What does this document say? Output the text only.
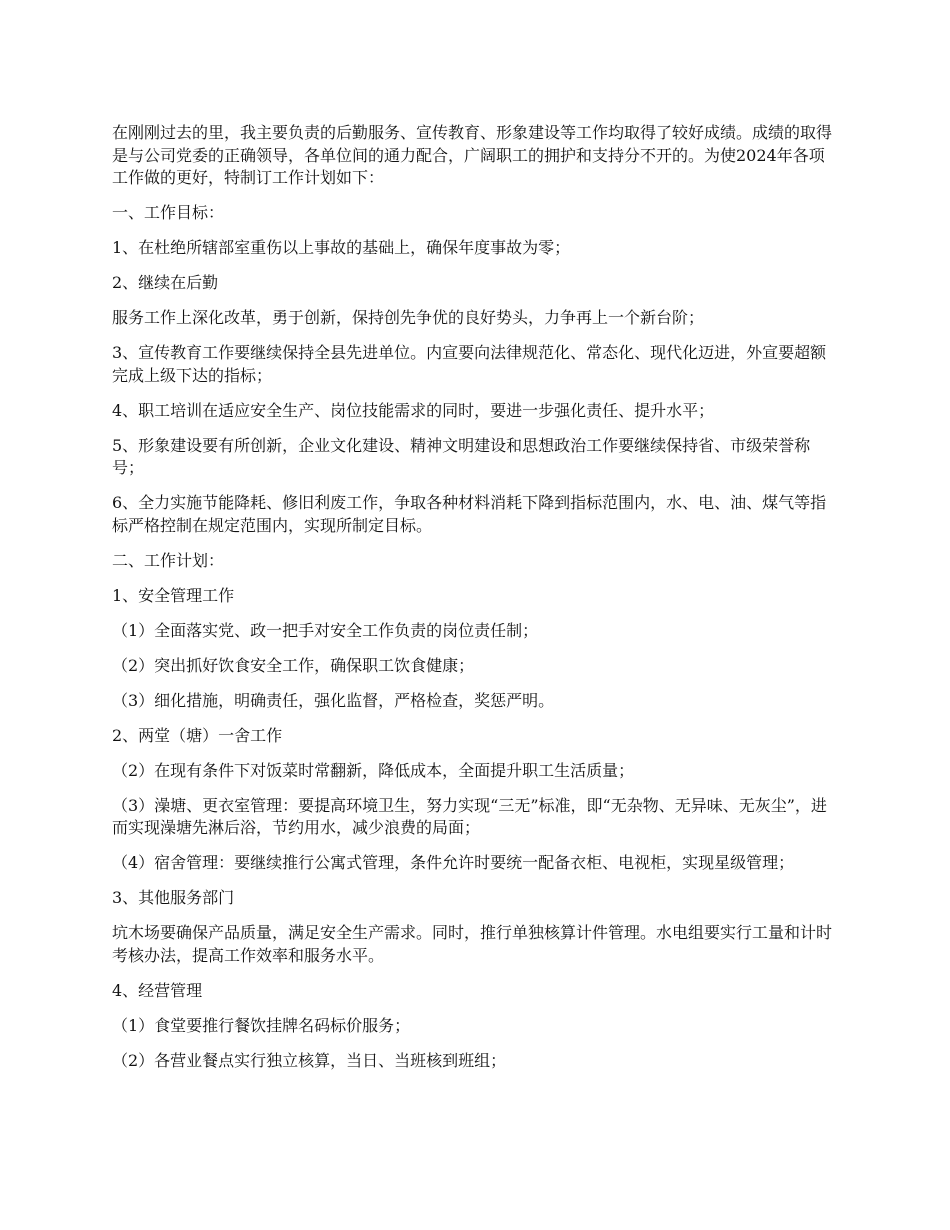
在刚刚过去的里，我主要负责的后勤服务、宣传教育、形象建设等工作均取得了较好成绩。成绩的取得是与公司党委的正确领导，各单位间的通力配合，广阔职工的拥护和支持分不开的。为使2024年各项工作做的更好，特制订工作计划如下：

一、工作目标：

1、在杜绝所辖部室重伤以上事故的基础上，确保年度事故为零；

2、继续在后勤

服务工作上深化改革，勇于创新，保持创先争优的良好势头，力争再上一个新台阶；

3、宣传教育工作要继续保持全县先进单位。内宣要向法律规范化、常态化、现代化迈进，外宣要超额完成上级下达的指标；

4、职工培训在适应安全生产、岗位技能需求的同时，要进一步强化责任、提升水平；

5、形象建设要有所创新，企业文化建设、精神文明建设和思想政治工作要继续保持省、市级荣誉称号；

6、全力实施节能降耗、修旧利废工作，争取各种材料消耗下降到指标范围内，水、电、油、煤气等指标严格控制在规定范围内，实现所制定目标。

二、工作计划：

1、安全管理工作

（1）全面落实党、政一把手对安全工作负责的岗位责任制；

（2）突出抓好饮食安全工作，确保职工饮食健康；

（3）细化措施，明确责任，强化监督，严格检查，奖惩严明。

2、两堂（塘）一舍工作

（2）在现有条件下对饭菜时常翻新，降低成本，全面提升职工生活质量；

（3）澡塘、更衣室管理：要提高环境卫生，努力实现“三无”标准，即“无杂物、无异味、无灰尘”，进而实现澡塘先淋后浴，节约用水，减少浪费的局面；

（4）宿舍管理：要继续推行公寓式管理，条件允许时要统一配备衣柜、电视柜，实现星级管理；

3、其他服务部门

坑木场要确保产品质量，满足安全生产需求。同时，推行单独核算计件管理。水电组要实行工量和计时考核办法，提高工作效率和服务水平。

4、经营管理

（1）食堂要推行餐饮挂牌名码标价服务；

（2）各营业餐点实行独立核算，当日、当班核到班组；
